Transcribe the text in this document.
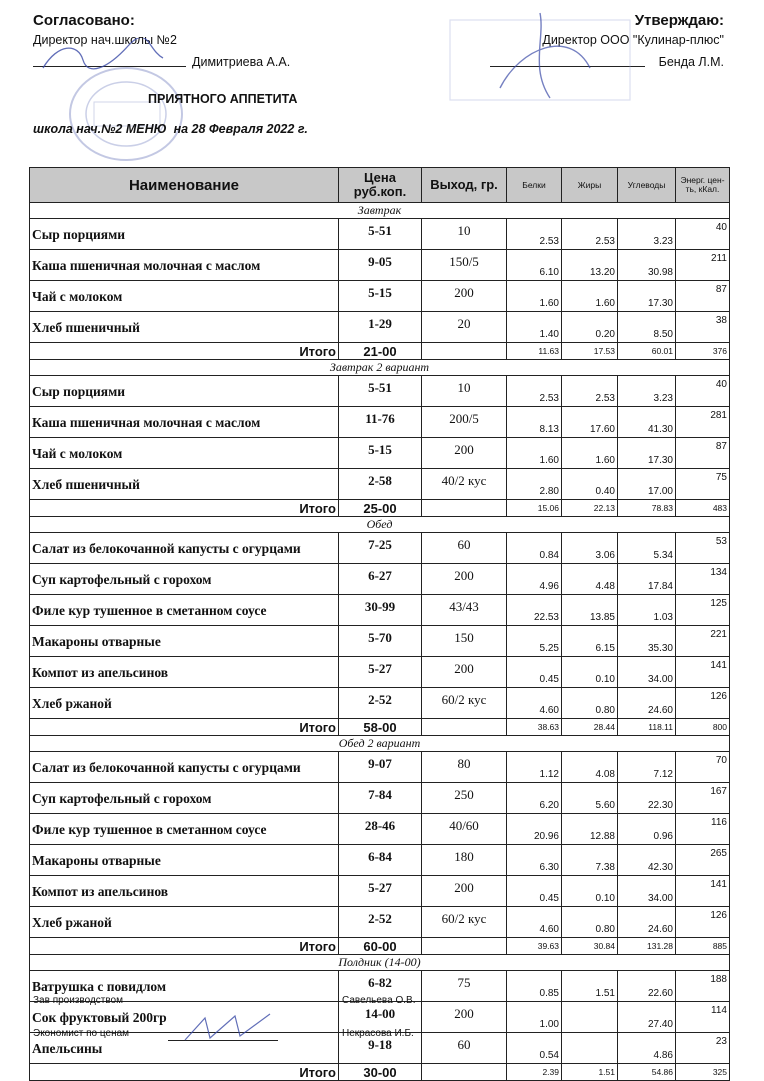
Согласовано:
Директор нач.школы №2
Димитриева А.А.
Утверждаю:
Директор ООО "Кулинар-плюс"
Бенда Л.М.
ПРИЯТНОГО АППЕТИТА
школа нач.№2 МЕНЮ  на 28 Февраля 2022 г.
Наименование	Цена руб.коп.	Выход, гр.	Белки	Жиры	Углеводы	Энерг. цен-ть, кКал.
Завтрак						
Сыр порциями	5-51	10	2.53	2.53	3.23	40
Каша пшеничная молочная с маслом	9-05	150/5	6.10	13.20	30.98	211
Чай с молоком	5-15	200	1.60	1.60	17.30	87
Хлеб пшеничный	1-29	20	1.40	0.20	8.50	38
Итого	21-00		11.63	17.53	60.01	376
Завтрак 2 вариант						
Сыр порциями	5-51	10	2.53	2.53	3.23	40
Каша пшеничная молочная с маслом	11-76	200/5	8.13	17.60	41.30	281
Чай с молоком	5-15	200	1.60	1.60	17.30	87
Хлеб пшеничный	2-58	40/2 кус	2.80	0.40	17.00	75
Итого	25-00		15.06	22.13	78.83	483
Обед						
Салат из белокочанной капусты с огурцами	7-25	60	0.84	3.06	5.34	53
Суп картофельный с горохом	6-27	200	4.96	4.48	17.84	134
Филе кур тушенное в сметанном соусе	30-99	43/43	22.53	13.85	1.03	125
Макароны отварные	5-70	150	5.25	6.15	35.30	221
Компот из апельсинов	5-27	200	0.45	0.10	34.00	141
Хлеб ржаной	2-52	60/2 кус	4.60	0.80	24.60	126
Итого	58-00		38.63	28.44	118.11	800
Обед 2 вариант						
Салат из белокочанной капусты с огурцами	9-07	80	1.12	4.08	7.12	70
Суп картофельный с горохом	7-84	250	6.20	5.60	22.30	167
Филе кур тушенное в сметанном соусе	28-46	40/60	20.96	12.88	0.96	116
Макароны отварные	6-84	180	6.30	7.38	42.30	265
Компот из апельсинов	5-27	200	0.45	0.10	34.00	141
Хлеб ржаной	2-52	60/2 кус	4.60	0.80	24.60	126
Итого	60-00		39.63	30.84	131.28	885
Полдник (14-00)						
Ватрушка с повидлом	6-82	75	0.85	1.51	22.60	188
Сок фруктовый 200гр	14-00	200	1.00		27.40	114
Апельсины	9-18	60	0.54		4.86	23
Итого	30-00		2.39	1.51	54.86	325
Зав производством	Савельева О.В.
Экономист по ценам	Некрасова И.Б.
